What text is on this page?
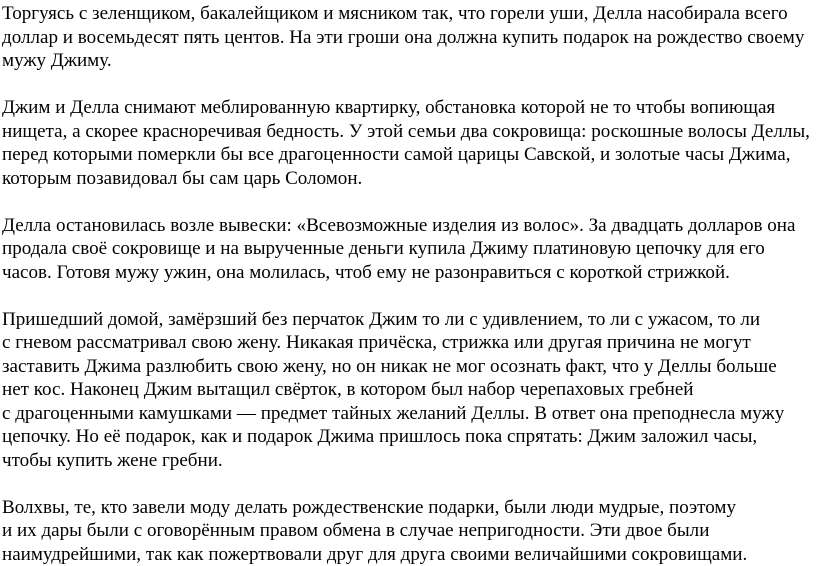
Торгуясь с зеленщиком, бакалейщиком и мясником так, что горели уши, Делла насобирала всего
доллар и восемьдесят пять центов. На эти гроши она должна купить подарок на рождество своему
мужу Джиму.

Джим и Делла снимают меблированную квартирку, обстановка которой не то чтобы вопиющая
нищета, а скорее красноречивая бедность. У этой семьи два сокровища: роскошные волосы Деллы,
перед которыми померкли бы все драгоценности самой царицы Савской, и золотые часы Джима,
которым позавидовал бы сам царь Соломон.

Делла остановилась возле вывески: «Всевозможные изделия из волос». За двадцать долларов она
продала своё сокровище и на вырученные деньги купила Джиму платиновую цепочку для его
часов. Готовя мужу ужин, она молилась, чтоб ему не разонравиться с короткой стрижкой.

Пришедший домой, замёрзший без перчаток Джим то ли с удивлением, то ли с ужасом, то ли
с гневом рассматривал свою жену. Никакая причёска, стрижка или другая причина не могут
заставить Джима разлюбить свою жену, но он никак не мог осознать факт, что у Деллы больше
нет кос. Наконец Джим вытащил свёрток, в котором был набор черепаховых гребней
с драгоценными камушками — предмет тайных желаний Деллы. В ответ она преподнесла мужу
цепочку. Но её подарок, как и подарок Джима пришлось пока спрятать: Джим заложил часы,
чтобы купить жене гребни.

Волхвы, те, кто завели моду делать рождественские подарки, были люди мудрые, поэтому
и их дары были с оговорённым правом обмена в случае непригодности. Эти двое были
наимудрейшими, так как пожертвовали друг для друга своими величайшими сокровищами.
